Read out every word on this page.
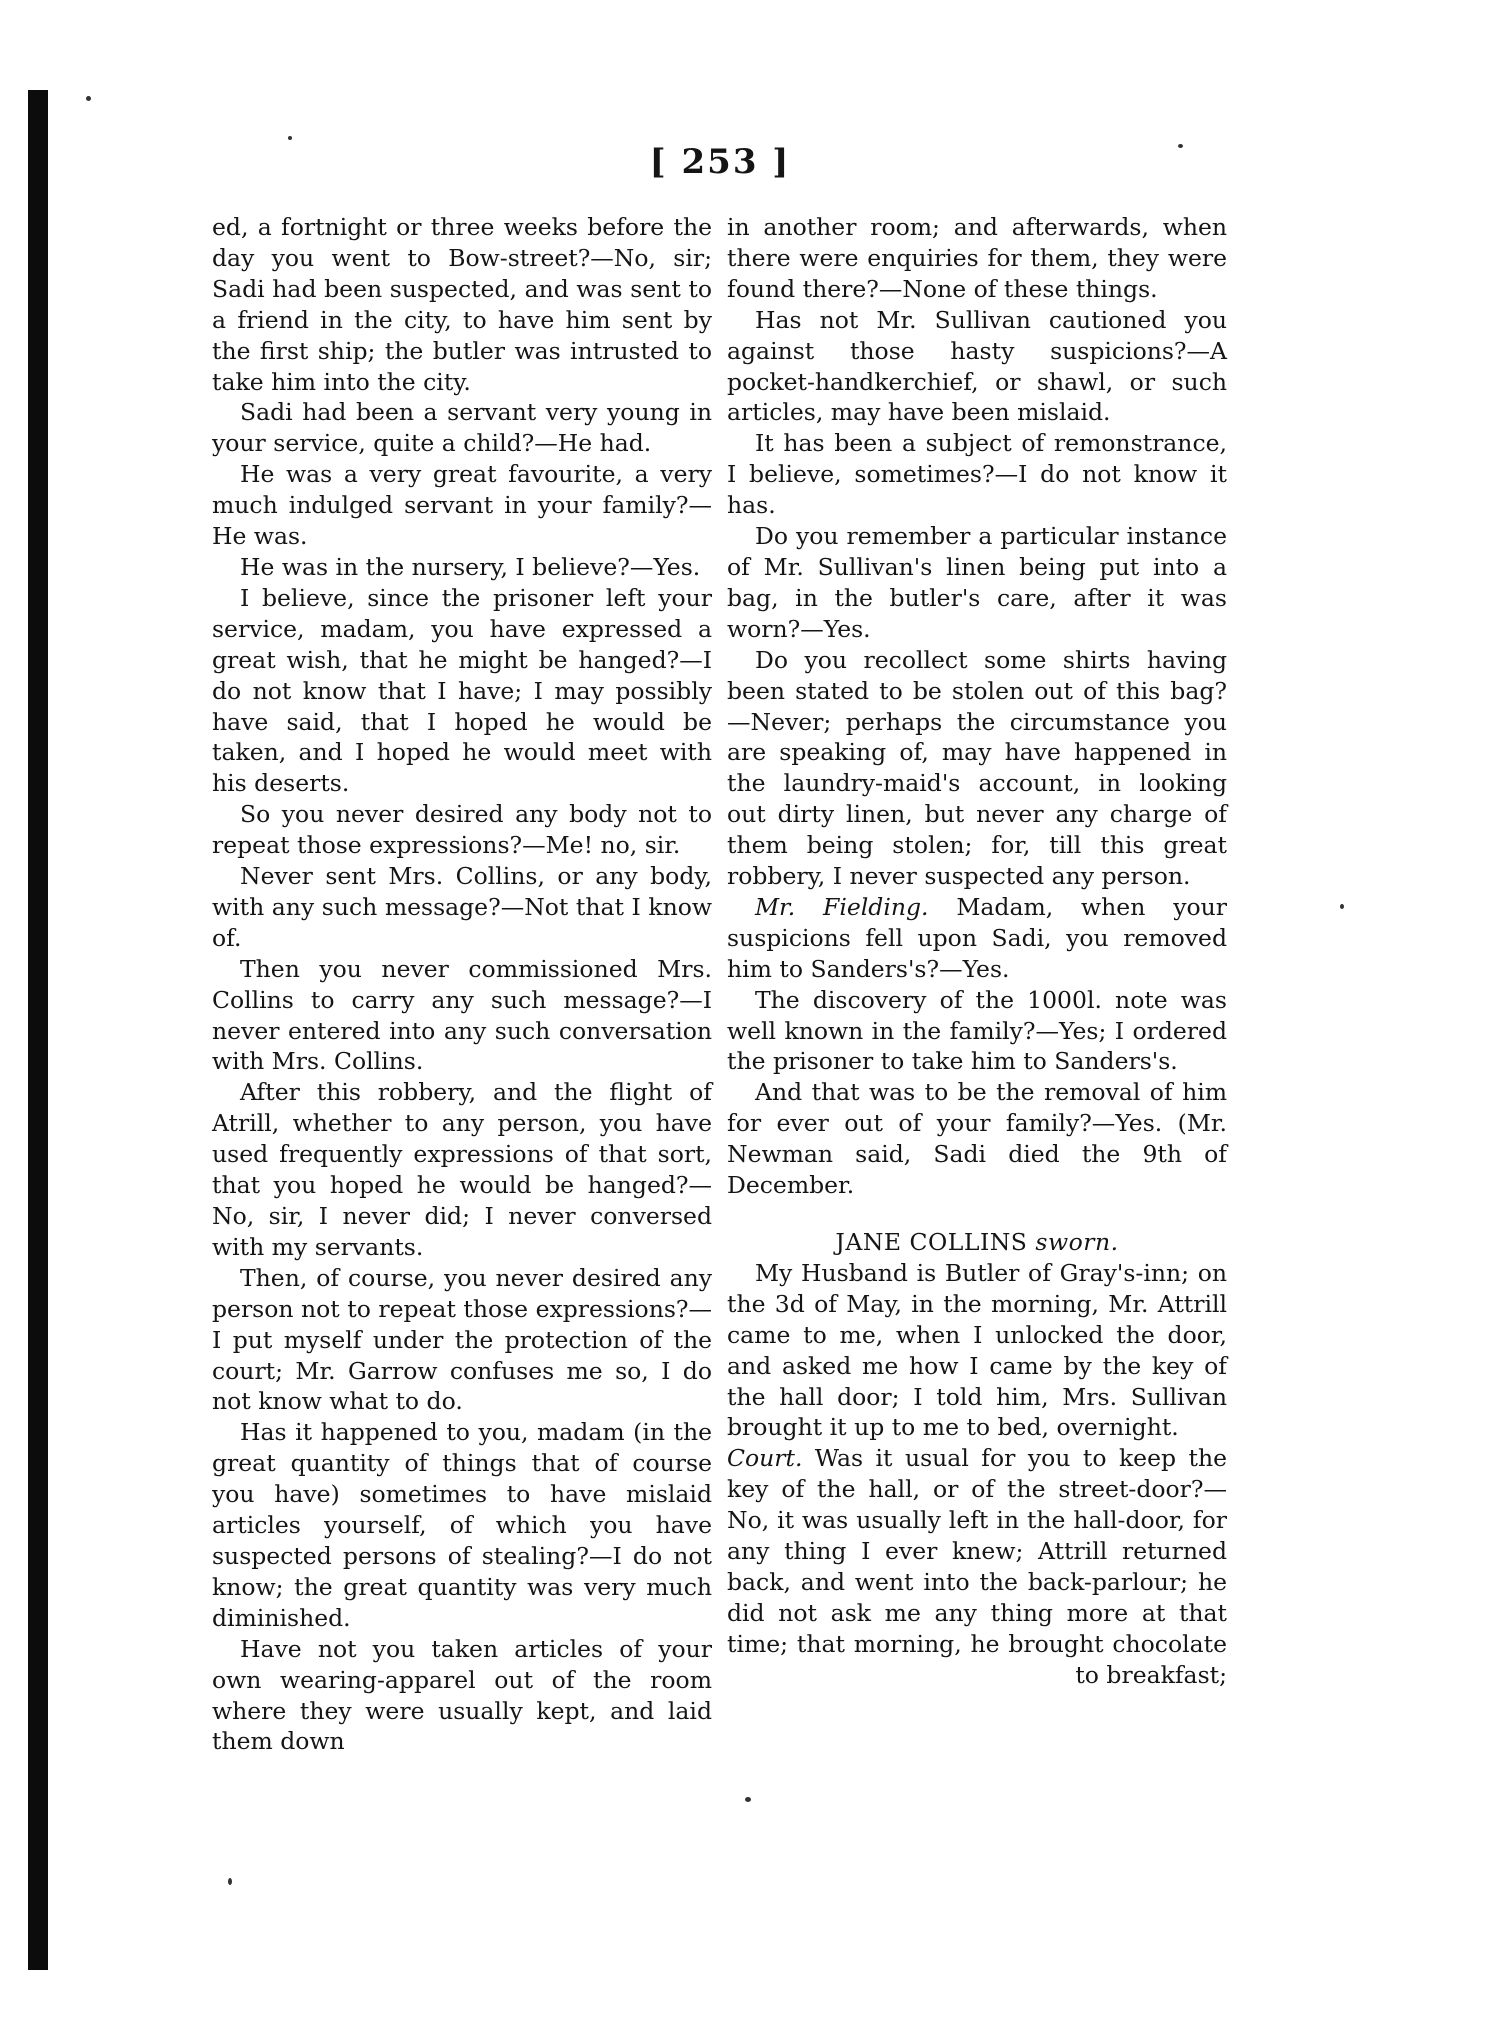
[ 253 ]

ed, a fortnight or three weeks before the day you went to Bow-street?—No, sir; Sadi had been suspected, and was sent to a friend in the city, to have him sent by the first ship; the butler was intrusted to take him into the city.

Sadi had been a servant very young in your service, quite a child?—He had.

He was a very great favourite, a very much indulged servant in your family?—He was.

He was in the nursery, I believe?—Yes.

I believe, since the prisoner left your service, madam, you have expressed a great wish, that he might be hanged?—I do not know that I have; I may possibly have said, that I hoped he would be taken, and I hoped he would meet with his deserts.

So you never desired any body not to repeat those expressions?—Me! no, sir.

Never sent Mrs. Collins, or any body, with any such message?—Not that I know of.

Then you never commissioned Mrs. Collins to carry any such message?—I never entered into any such conversation with Mrs. Collins.

After this robbery, and the flight of Atrill, whether to any person, you have used frequently expressions of that sort, that you hoped he would be hanged?—No, sir, I never did; I never conversed with my servants.

Then, of course, you never desired any person not to repeat those expressions?—I put myself under the protection of the court; Mr. Garrow confuses me so, I do not know what to do.

Has it happened to you, madam (in the great quantity of things that of course you have) sometimes to have mislaid articles yourself, of which you have suspected persons of stealing?—I do not know; the great quantity was very much diminished.

Have not you taken articles of your own wearing-apparel out of the room where they were usually kept, and laid them down

in another room; and afterwards, when there were enquiries for them, they were found there?—None of these things.

Has not Mr. Sullivan cautioned you against those hasty suspicions?—A pocket-handkerchief, or shawl, or such articles, may have been mislaid.

It has been a subject of remonstrance, I believe, sometimes?—I do not know it has.

Do you remember a particular instance of Mr. Sullivan's linen being put into a bag, in the butler's care, after it was worn?—Yes.

Do you recollect some shirts having been stated to be stolen out of this bag?—Never; perhaps the circumstance you are speaking of, may have happened in the laundry-maid's account, in looking out dirty linen, but never any charge of them being stolen; for, till this great robbery, I never suspected any person.

Mr. Fielding. Madam, when your suspicions fell upon Sadi, you removed him to Sanders's?—Yes.

The discovery of the 1000l. note was well known in the family?—Yes; I ordered the prisoner to take him to Sanders's.

And that was to be the removal of him for ever out of your family?—Yes. (Mr. Newman said, Sadi died the 9th of December.

JANE COLLINS sworn.

My Husband is Butler of Gray's-inn; on the 3d of May, in the morning, Mr. Attrill came to me, when I unlocked the door, and asked me how I came by the key of the hall door; I told him, Mrs. Sullivan brought it up to me to bed, overnight.

Court. Was it usual for you to keep the key of the hall, or of the street-door?—No, it was usually left in the hall-door, for any thing I ever knew; Attrill returned back, and went into the back-parlour; he did not ask me any thing more at that time; that morning, he brought chocolate to breakfast;
